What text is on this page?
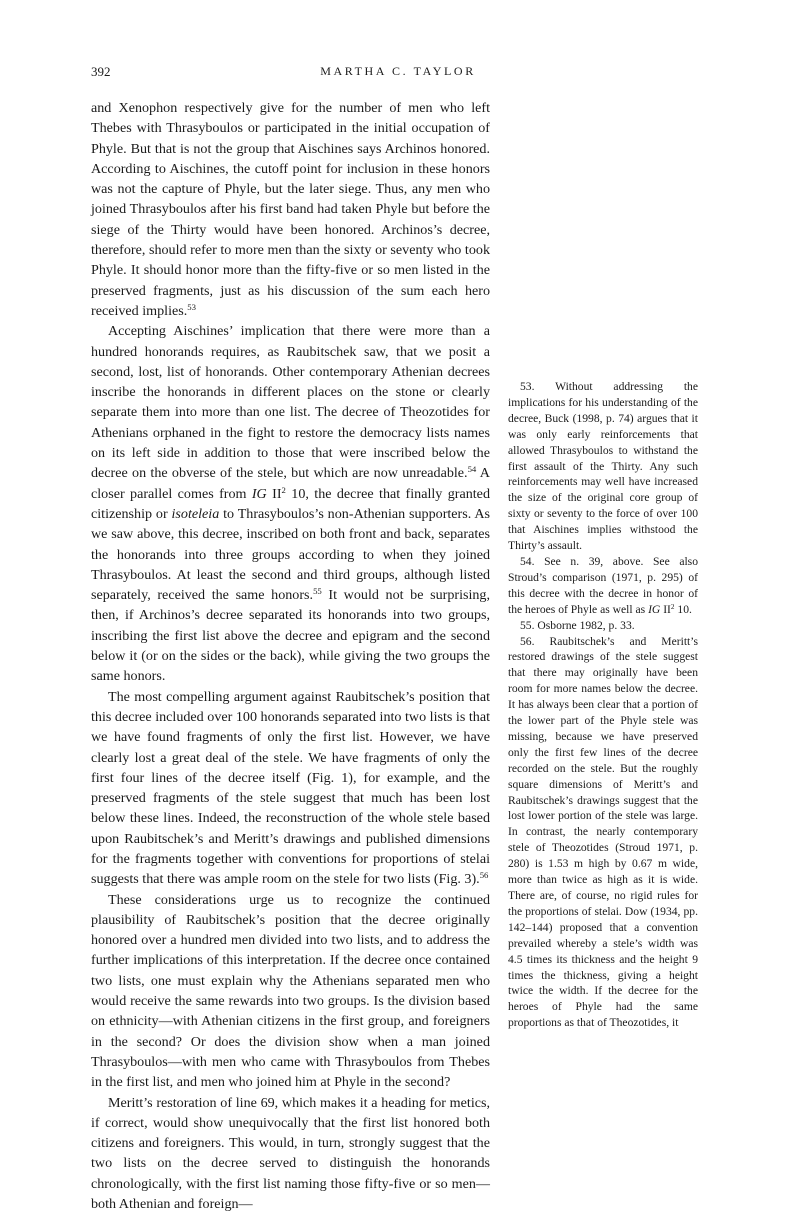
392	MARTHA C. TAYLOR

and Xenophon respectively give for the number of men who left Thebes with Thrasyboulos or participated in the initial occupation of Phyle. But that is not the group that Aischines says Archinos honored. According to Aischines, the cutoff point for inclusion in these honors was not the capture of Phyle, but the later siege. Thus, any men who joined Thrasyboulos after his first band had taken Phyle but before the siege of the Thirty would have been honored. Archinos’s decree, therefore, should refer to more men than the sixty or seventy who took Phyle. It should honor more than the fifty-five or so men listed in the preserved fragments, just as his discussion of the sum each hero received implies.$^{53}$

Accepting Aischines’ implication that there were more than a hundred honorands requires, as Raubitschek saw, that we posit a second, lost, list of honorands. Other contemporary Athenian decrees inscribe the honorands in different places on the stone or clearly separate them into more than one list. The decree of Theozotides for Athenians orphaned in the fight to restore the democracy lists names on its left side in addition to those that were inscribed below the decree on the obverse of the stele, but which are now unreadable.$^{54}$ A closer parallel comes from IG $II^2$ 10, the decree that finally granted citizenship or isoteleia to Thrasyboulos’s non-Athenian supporters. As we saw above, this decree, inscribed on both front and back, separates the honorands into three groups according to when they joined Thrasyboulos. At least the second and third groups, although listed separately, received the same honors.$^{55}$ It would not be surprising, then, if Archinos’s decree separated its honorands into two groups, inscribing the first list above the decree and epigram and the second below it (or on the sides or the back), while giving the two groups the same honors.

The most compelling argument against Raubitschek’s position that this decree included over 100 honorands separated into two lists is that we have found fragments of only the first list. However, we have clearly lost a great deal of the stele. We have fragments of only the first four lines of the decree itself (Fig. 1), for example, and the preserved fragments of the stele suggest that much has been lost below these lines. Indeed, the reconstruction of the whole stele based upon Raubitschek’s and Meritt’s drawings and published dimensions for the fragments together with conventions for proportions of stelai suggests that there was ample room on the stele for two lists (Fig. 3).$^{56}$

These considerations urge us to recognize the continued plausibility of Raubitschek’s position that the decree originally honored over a hundred men divided into two lists, and to address the further implications of this interpretation. If the decree once contained two lists, one must explain why the Athenians separated men who would receive the same rewards into two groups. Is the division based on ethnicity—with Athenian citizens in the first group, and foreigners in the second? Or does the division show when a man joined Thrasyboulos—with men who came with Thrasyboulos from Thebes in the first list, and men who joined him at Phyle in the second?

Meritt’s restoration of line 69, which makes it a heading for metics, if correct, would show unequivocally that the first list honored both citizens and foreigners. This would, in turn, strongly suggest that the two lists on the decree served to distinguish the honorands chronologically, with the first list naming those fifty-five or so men—both Athenian and foreign—

53. Without addressing the implications for his understanding of the decree, Buck (1998, p. 74) argues that it was only early reinforcements that allowed Thrasyboulos to withstand the first assault of the Thirty. Any such reinforcements may well have increased the size of the original core group of sixty or seventy to the force of over 100 that Aischines implies withstood the Thirty’s assault.

54. See n. 39, above. See also Stroud’s comparison (1971, p. 295) of this decree with the decree in honor of the heroes of Phyle as well as IG $II^2$ 10.

55. Osborne 1982, p. 33.

56. Raubitschek’s and Meritt’s restored drawings of the stele suggest that there may originally have been room for more names below the decree. It has always been clear that a portion of the lower part of the Phyle stele was missing, because we have preserved only the first few lines of the decree recorded on the stele. But the roughly square dimensions of Meritt’s and Raubitschek’s drawings suggest that the lost lower portion of the stele was large. In contrast, the nearly contemporary stele of Theozotides (Stroud 1971, p. 280) is 1.53 m high by 0.67 m wide, more than twice as high as it is wide. There are, of course, no rigid rules for the proportions of stelai. Dow (1934, pp. 142–144) proposed that a convention prevailed whereby a stele’s width was 4.5 times its thickness and the height 9 times the thickness, giving a height twice the width. If the decree for the heroes of Phyle had the same proportions as that of Theozotides, it
